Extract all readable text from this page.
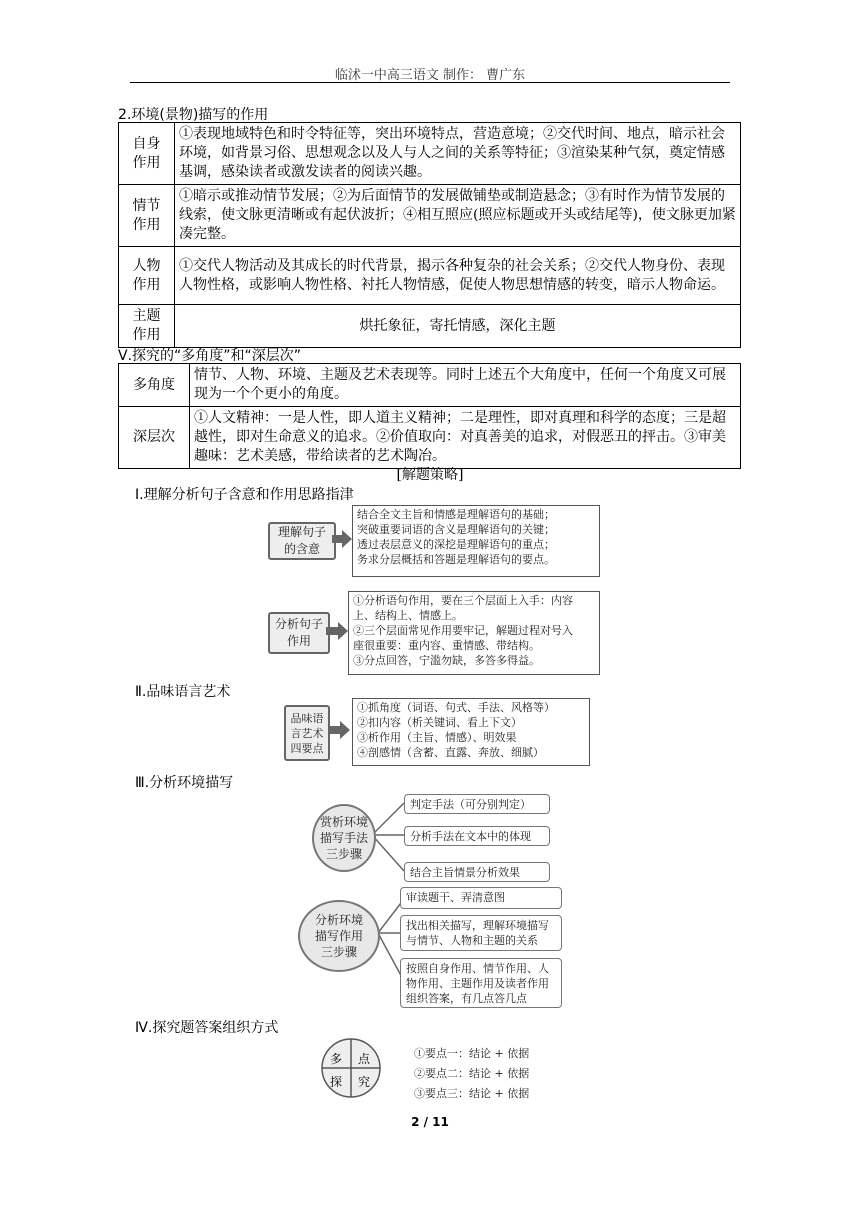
临沭一中高三语文 制作： 曹广东
2.环境(景物)描写的作用
自身
作用	①表现地域特色和时令特征等，突出环境特点，营造意境；②交代时间、地点，暗示社会环境，如背景习俗、思想观念以及人与人之间的关系等特征；③渲染某种气氛，奠定情感基调，感染读者或激发读者的阅读兴趣。
情节
作用	①暗示或推动情节发展；②为后面情节的发展做铺垫或制造悬念；③有时作为情节发展的线索，使文脉更清晰或有起伏波折；④相互照应(照应标题或开头或结尾等)，使文脉更加紧凑完整。
人物
作用	①交代人物活动及其成长的时代背景，揭示各种复杂的社会关系；②交代人物身份、表现人物性格，或影响人物性格、衬托人物情感，促使人物思想情感的转变，暗示人物命运。
主题
作用	烘托象征，寄托情感，深化主题
Ⅴ.探究的“多角度”和“深层次”
多角度	情节、人物、环境、主题及艺术表现等。同时上述五个大角度中，任何一个角度又可展现为一个个更小的角度。
深层次	①人文精神：一是人性，即人道主义精神；二是理性，即对真理和科学的态度；三是超越性，即对生命意义的追求。②价值取向：对真善美的追求，对假恶丑的抨击。③审美趣味：艺术美感，带给读者的艺术陶冶。
[解题策略]
Ⅰ.理解分析句子含意和作用思路指津
理解句子
的含意
结合全文主旨和情感是理解语句的基础；
突破重要词语的含义是理解语句的关键；
透过表层意义的深挖是理解语句的重点；
务求分层概括和答题是理解语句的要点。
分析句子
作用
①分析语句作用，要在三个层面上入手：内容
上、结构上、情感上。
②三个层面常见作用要牢记，解题过程对号入
座很重要：重内容、重情感、带结构。
③分点回答，宁滥勿缺，多答多得益。
Ⅱ.品味语言艺术
品味语
言艺术
四要点
①抓角度（词语、句式、手法、风格等）
②扣内容（析关键词、看上下文）
③析作用（主旨、情感）、明效果
④剖感情（含蓄、直露、奔放、细腻）
Ⅲ.分析环境描写
赏析环境
描写手法
三步骤
判定手法（可分别判定）
分析手法在文本中的体现
结合主旨情景分析效果
分析环境
描写作用
三步骤
审读题干、弄清意图
找出相关描写，理解环境描写与情节、人物和主题的关系
按照自身作用、情节作用、人物作用、主题作用及读者作用组织答案，有几点答几点
Ⅳ.探究题答案组织方式
多 点
探 究
①要点一：结论 + 依据
②要点二：结论 + 依据
③要点三：结论 + 依据
2 / 11
